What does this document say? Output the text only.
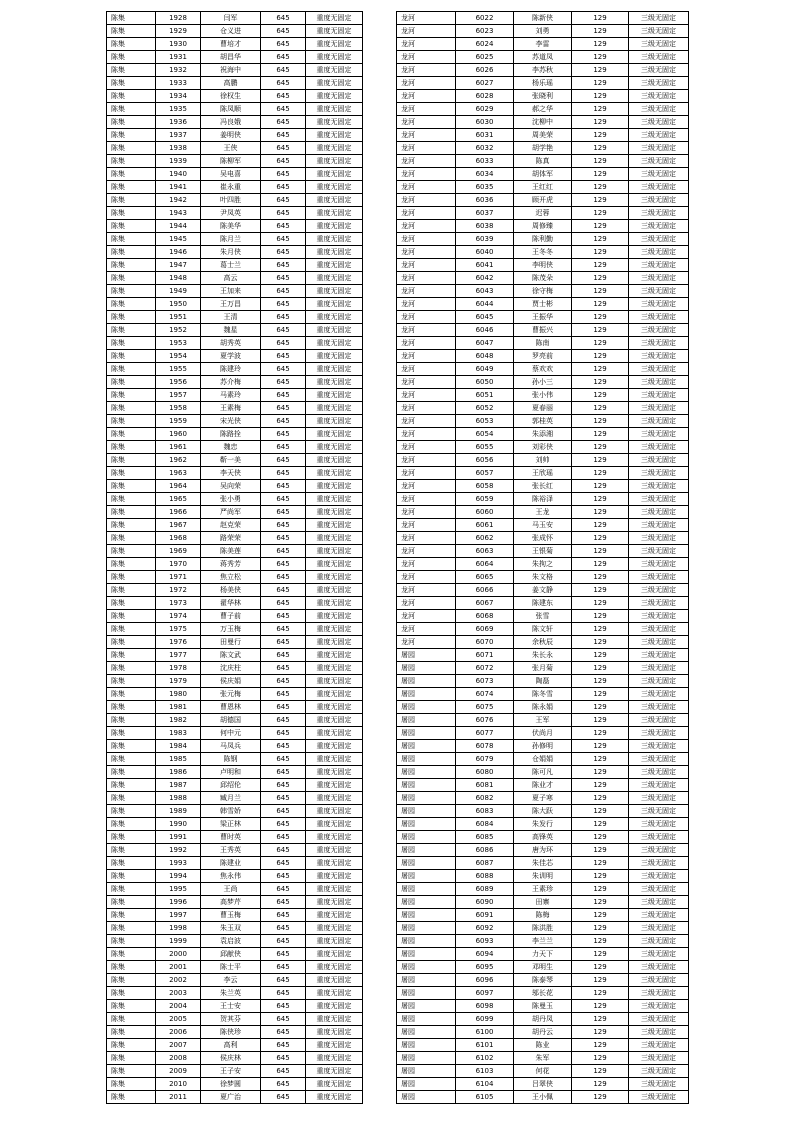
陈集	1928	闫军	645	重度无固定
陈集	1929	仓义进	645	重度无固定
陈集	1930	曹培才	645	重度无固定
陈集	1931	胡昌华	645	重度无固定
陈集	1932	祝海中	645	重度无固定
陈集	1933	高鹏	645	重度无固定
陈集	1934	徐权生	645	重度无固定
陈集	1935	陈凤顺	645	重度无固定
陈集	1936	冯良娥	645	重度无固定
陈集	1937	姜明侠	645	重度无固定
陈集	1938	王侠	645	重度无固定
陈集	1939	陈柳军	645	重度无固定
陈集	1940	吴电喜	645	重度无固定
陈集	1941	崔永重	645	重度无固定
陈集	1942	叶四胜	645	重度无固定
陈集	1943	尹凤英	645	重度无固定
陈集	1944	陈美华	645	重度无固定
陈集	1945	陈月兰	645	重度无固定
陈集	1946	朱月侠	645	重度无固定
陈集	1947	葛士兰	645	重度无固定
陈集	1948	高云	645	重度无固定
陈集	1949	王加来	645	重度无固定
陈集	1950	王万昌	645	重度无固定
陈集	1951	王清	645	重度无固定
陈集	1952	魏星	645	重度无固定
陈集	1953	胡秀英	645	重度无固定
陈集	1954	夏学波	645	重度无固定
陈集	1955	陈建玲	645	重度无固定
陈集	1956	苏介梅	645	重度无固定
陈集	1957	马素玲	645	重度无固定
陈集	1958	王素梅	645	重度无固定
陈集	1959	宋光侠	645	重度无固定
陈集	1960	陈路拴	645	重度无固定
陈集	1961	魏忠	645	重度无固定
陈集	1962	靳一美	645	重度无固定
陈集	1963	李天侠	645	重度无固定
陈集	1964	吴向荣	645	重度无固定
陈集	1965	张小勇	645	重度无固定
陈集	1966	严尚军	645	重度无固定
陈集	1967	赵克荣	645	重度无固定
陈集	1968	路荣荣	645	重度无固定
陈集	1969	陈美莲	645	重度无固定
陈集	1970	蒋秀芳	645	重度无固定
陈集	1971	焦立松	645	重度无固定
陈集	1972	杨美侠	645	重度无固定
陈集	1973	翟华林	645	重度无固定
陈集	1974	曹子前	645	重度无固定
陈集	1975	万玉梅	645	重度无固定
陈集	1976	田曼行	645	重度无固定
陈集	1977	陈文武	645	重度无固定
陈集	1978	沈庆柱	645	重度无固定
陈集	1979	侯庆娟	645	重度无固定
陈集	1980	张元梅	645	重度无固定
陈集	1981	曹恩林	645	重度无固定
陈集	1982	胡德国	645	重度无固定
陈集	1983	何中元	645	重度无固定
陈集	1984	马凤兵	645	重度无固定
陈集	1985	陈钢	645	重度无固定
陈集	1986	卢明和	645	重度无固定
陈集	1987	邱绍伦	645	重度无固定
陈集	1988	臧月兰	645	重度无固定
陈集	1989	韩雪娇	645	重度无固定
陈集	1990	梁正林	645	重度无固定
陈集	1991	曹时英	645	重度无固定
陈集	1992	王秀英	645	重度无固定
陈集	1993	陈建业	645	重度无固定
陈集	1994	焦永伟	645	重度无固定
陈集	1995	王尚	645	重度无固定
陈集	1996	高梦芹	645	重度无固定
陈集	1997	曹玉梅	645	重度无固定
陈集	1998	朱玉双	645	重度无固定
陈集	1999	袁启波	645	重度无固定
陈集	2000	邱献侠	645	重度无固定
陈集	2001	陈士平	645	重度无固定
陈集	2002	李云	645	重度无固定
陈集	2003	朱兰英	645	重度无固定
陈集	2004	王士安	645	重度无固定
陈集	2005	贺其芬	645	重度无固定
陈集	2006	陈侠珍	645	重度无固定
陈集	2007	高利	645	重度无固定
陈集	2008	侯庆林	645	重度无固定
陈集	2009	王子安	645	重度无固定
陈集	2010	徐梦圆	645	重度无固定
陈集	2011	夏广治	645	重度无固定
龙河	6022	陈新侠	129	三级无固定
龙河	6023	刘勇	129	三级无固定
龙河	6024	李雷	129	三级无固定
龙河	6025	苏道凤	129	三级无固定
龙河	6026	李苏秋	129	三级无固定
龙河	6027	杨乐瑶	129	三级无固定
龙河	6028	张晓利	129	三级无固定
龙河	6029	郝之华	129	三级无固定
龙河	6030	沈柳中	129	三级无固定
龙河	6031	周美荣	129	三级无固定
龙河	6032	胡学艳	129	三级无固定
龙河	6033	陈真	129	三级无固定
龙河	6034	胡体军	129	三级无固定
龙河	6035	王红红	129	三级无固定
龙河	6036	顾开虎	129	三级无固定
龙河	6037	迟蓉	129	三级无固定
龙河	6038	周修臻	129	三级无固定
龙河	6039	陈利勤	129	三级无固定
龙河	6040	王冬冬	129	三级无固定
龙河	6041	李明侠	129	三级无固定
龙河	6042	陈茂朵	129	三级无固定
龙河	6043	徐守梅	129	三级无固定
龙河	6044	贾士彬	129	三级无固定
龙河	6045	王振华	129	三级无固定
龙河	6046	曹振兴	129	三级无固定
龙河	6047	陈南	129	三级无固定
龙河	6048	罗亮前	129	三级无固定
龙河	6049	蔡欢欢	129	三级无固定
龙河	6050	孙小三	129	三级无固定
龙河	6051	张小伟	129	三级无固定
龙河	6052	夏春丽	129	三级无固定
龙河	6053	郭桂英	129	三级无固定
龙河	6054	朱添湘	129	三级无固定
龙河	6055	刘彩侠	129	三级无固定
龙河	6056	刘帅	129	三级无固定
龙河	6057	王欣瑶	129	三级无固定
龙河	6058	张长红	129	三级无固定
龙河	6059	陈裕泽	129	三级无固定
龙河	6060	王龙	129	三级无固定
龙河	6061	马玉安	129	三级无固定
龙河	6062	张成怀	129	三级无固定
龙河	6063	王银菊	129	三级无固定
龙河	6064	朱拘之	129	三级无固定
龙河	6065	朱文格	129	三级无固定
龙河	6066	姜文静	129	三级无固定
龙河	6067	陈建东	129	三级无固定
龙河	6068	张雪	129	三级无固定
龙河	6069	陈文轩	129	三级无固定
龙河	6070	余秋辰	129	三级无固定
屠园	6071	朱长永	129	三级无固定
屠园	6072	张月菊	129	三级无固定
屠园	6073	陶磊	129	三级无固定
屠园	6074	陈冬雪	129	三级无固定
屠园	6075	陈永娟	129	三级无固定
屠园	6076	王军	129	三级无固定
屠园	6077	伏尚月	129	三级无固定
屠园	6078	孙修明	129	三级无固定
屠园	6079	仓娟娟	129	三级无固定
屠园	6080	陈可凡	129	三级无固定
屠园	6081	陈业才	129	三级无固定
屠园	6082	夏子寒	129	三级无固定
屠园	6083	陈大跃	129	三级无固定
屠园	6084	朱发行	129	三级无固定
屠园	6085	高锋英	129	三级无固定
屠园	6086	唐为环	129	三级无固定
屠园	6087	朱佳芯	129	三级无固定
屠园	6088	朱训明	129	三级无固定
屠园	6089	王素珍	129	三级无固定
屠园	6090	田寨	129	三级无固定
屠园	6091	陈梅	129	三级无固定
屠园	6092	陈洪胜	129	三级无固定
屠园	6093	李兰兰	129	三级无固定
屠园	6094	力天下	129	三级无固定
屠园	6095	邓明生	129	三级无固定
屠园	6096	陈泰琴	129	三级无固定
屠园	6097	邬长花	129	三级无固定
屠园	6098	陈曼玉	129	三级无固定
屠园	6099	胡丹凤	129	三级无固定
屠园	6100	胡丹云	129	三级无固定
屠园	6101	陈业	129	三级无固定
屠园	6102	朱军	129	三级无固定
屠园	6103	何花	129	三级无固定
屠园	6104	吕翠侠	129	三级无固定
屠园	6105	王小佩	129	三级无固定
